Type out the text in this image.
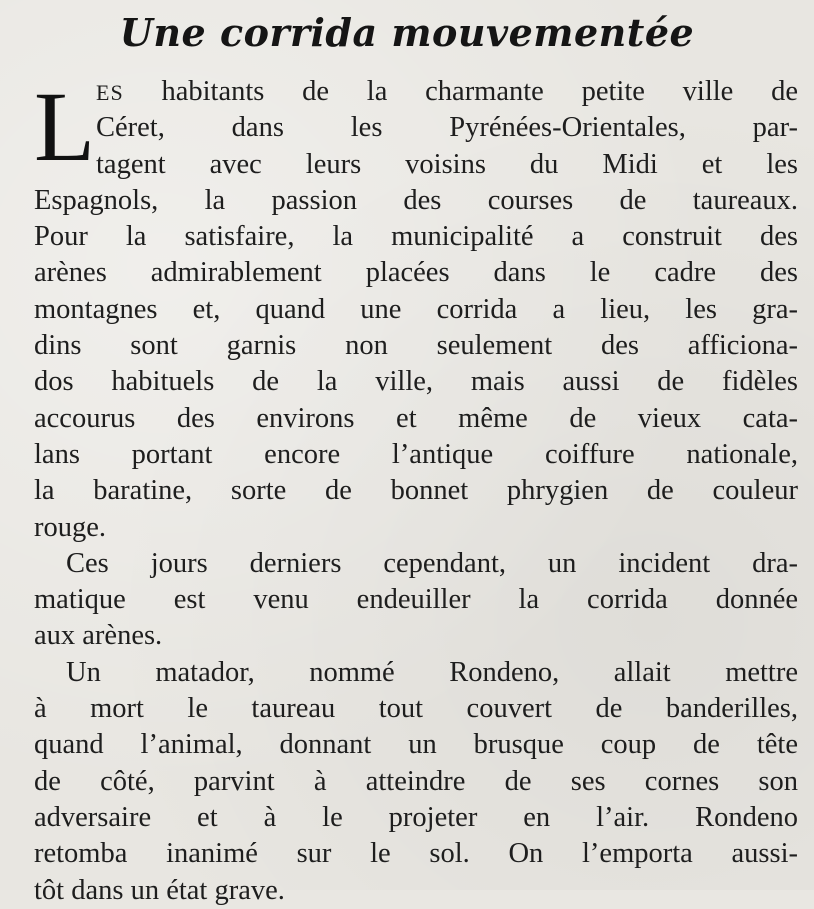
Une corrida mouvementée
L ES habitants de la charmante petite ville de
Céret, dans les Pyrénées-Orientales, par-
tagent avec leurs voisins du Midi et les
Espagnols, la passion des courses de taureaux.
Pour la satisfaire, la municipalité a construit des
arènes admirablement placées dans le cadre des
montagnes et, quand une corrida a lieu, les gra-
dins sont garnis non seulement des afficiona-
dos habituels de la ville, mais aussi de fidèles
accourus des environs et même de vieux cata-
lans portant encore l’antique coiffure nationale,
la baratine, sorte de bonnet phrygien de couleur
rouge.
Ces jours derniers cependant, un incident dra-
matique est venu endeuiller la corrida donnée
aux arènes.
Un matador, nommé Rondeno, allait mettre
à mort le taureau tout couvert de banderilles,
quand l’animal, donnant un brusque coup de tête
de côté, parvint à atteindre de ses cornes son
adversaire et à le projeter en l’air. Rondeno
retomba inanimé sur le sol. On l’emporta aussi-
tôt dans un état grave.
